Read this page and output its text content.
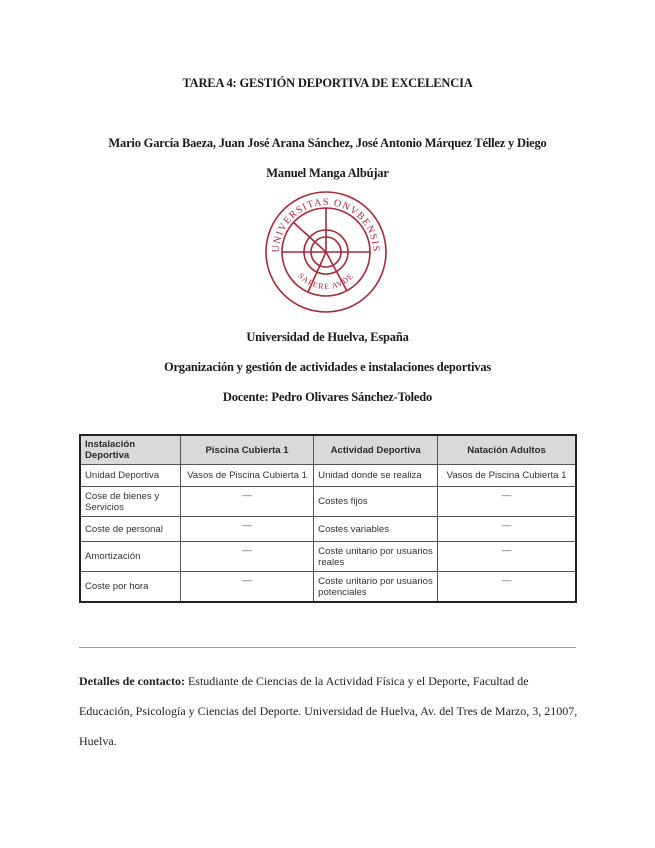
TAREA 4: GESTIÓN DEPORTIVA DE EXCELENCIA
Mario García Baeza, Juan José Arana Sánchez, José Antonio Márquez Téllez y Diego
Manuel Manga Albújar
UNIVERSITAS ONVBENSIS
SAPERE AVDE
Universidad de Huelva, España
Organización y gestión de actividades e instalaciones deportivas
Docente: Pedro Olivares Sánchez-Toledo
Instalación Deportiva	Piscina Cubierta 1	Actividad Deportiva	Natación Adultos
Unidad Deportiva	Vasos de Piscina Cubierta 1	Unidad donde se realiza	Vasos de Piscina Cubierta 1
Cose de bienes y Servicios	—	Costes fijos	—
Coste de personal	—	Costes variables	—
Amortización	—	Coste unitario por usuarios reales	—
Coste por hora	—	Coste unitario por usuarios potenciales	—
Detalles de contacto: Estudiante de Ciencias de la Actividad Física y el Deporte, Facultad de Educación, Psicología y Ciencias del Deporte. Universidad de Huelva, Av. del Tres de Marzo, 3, 21007, Huelva.
